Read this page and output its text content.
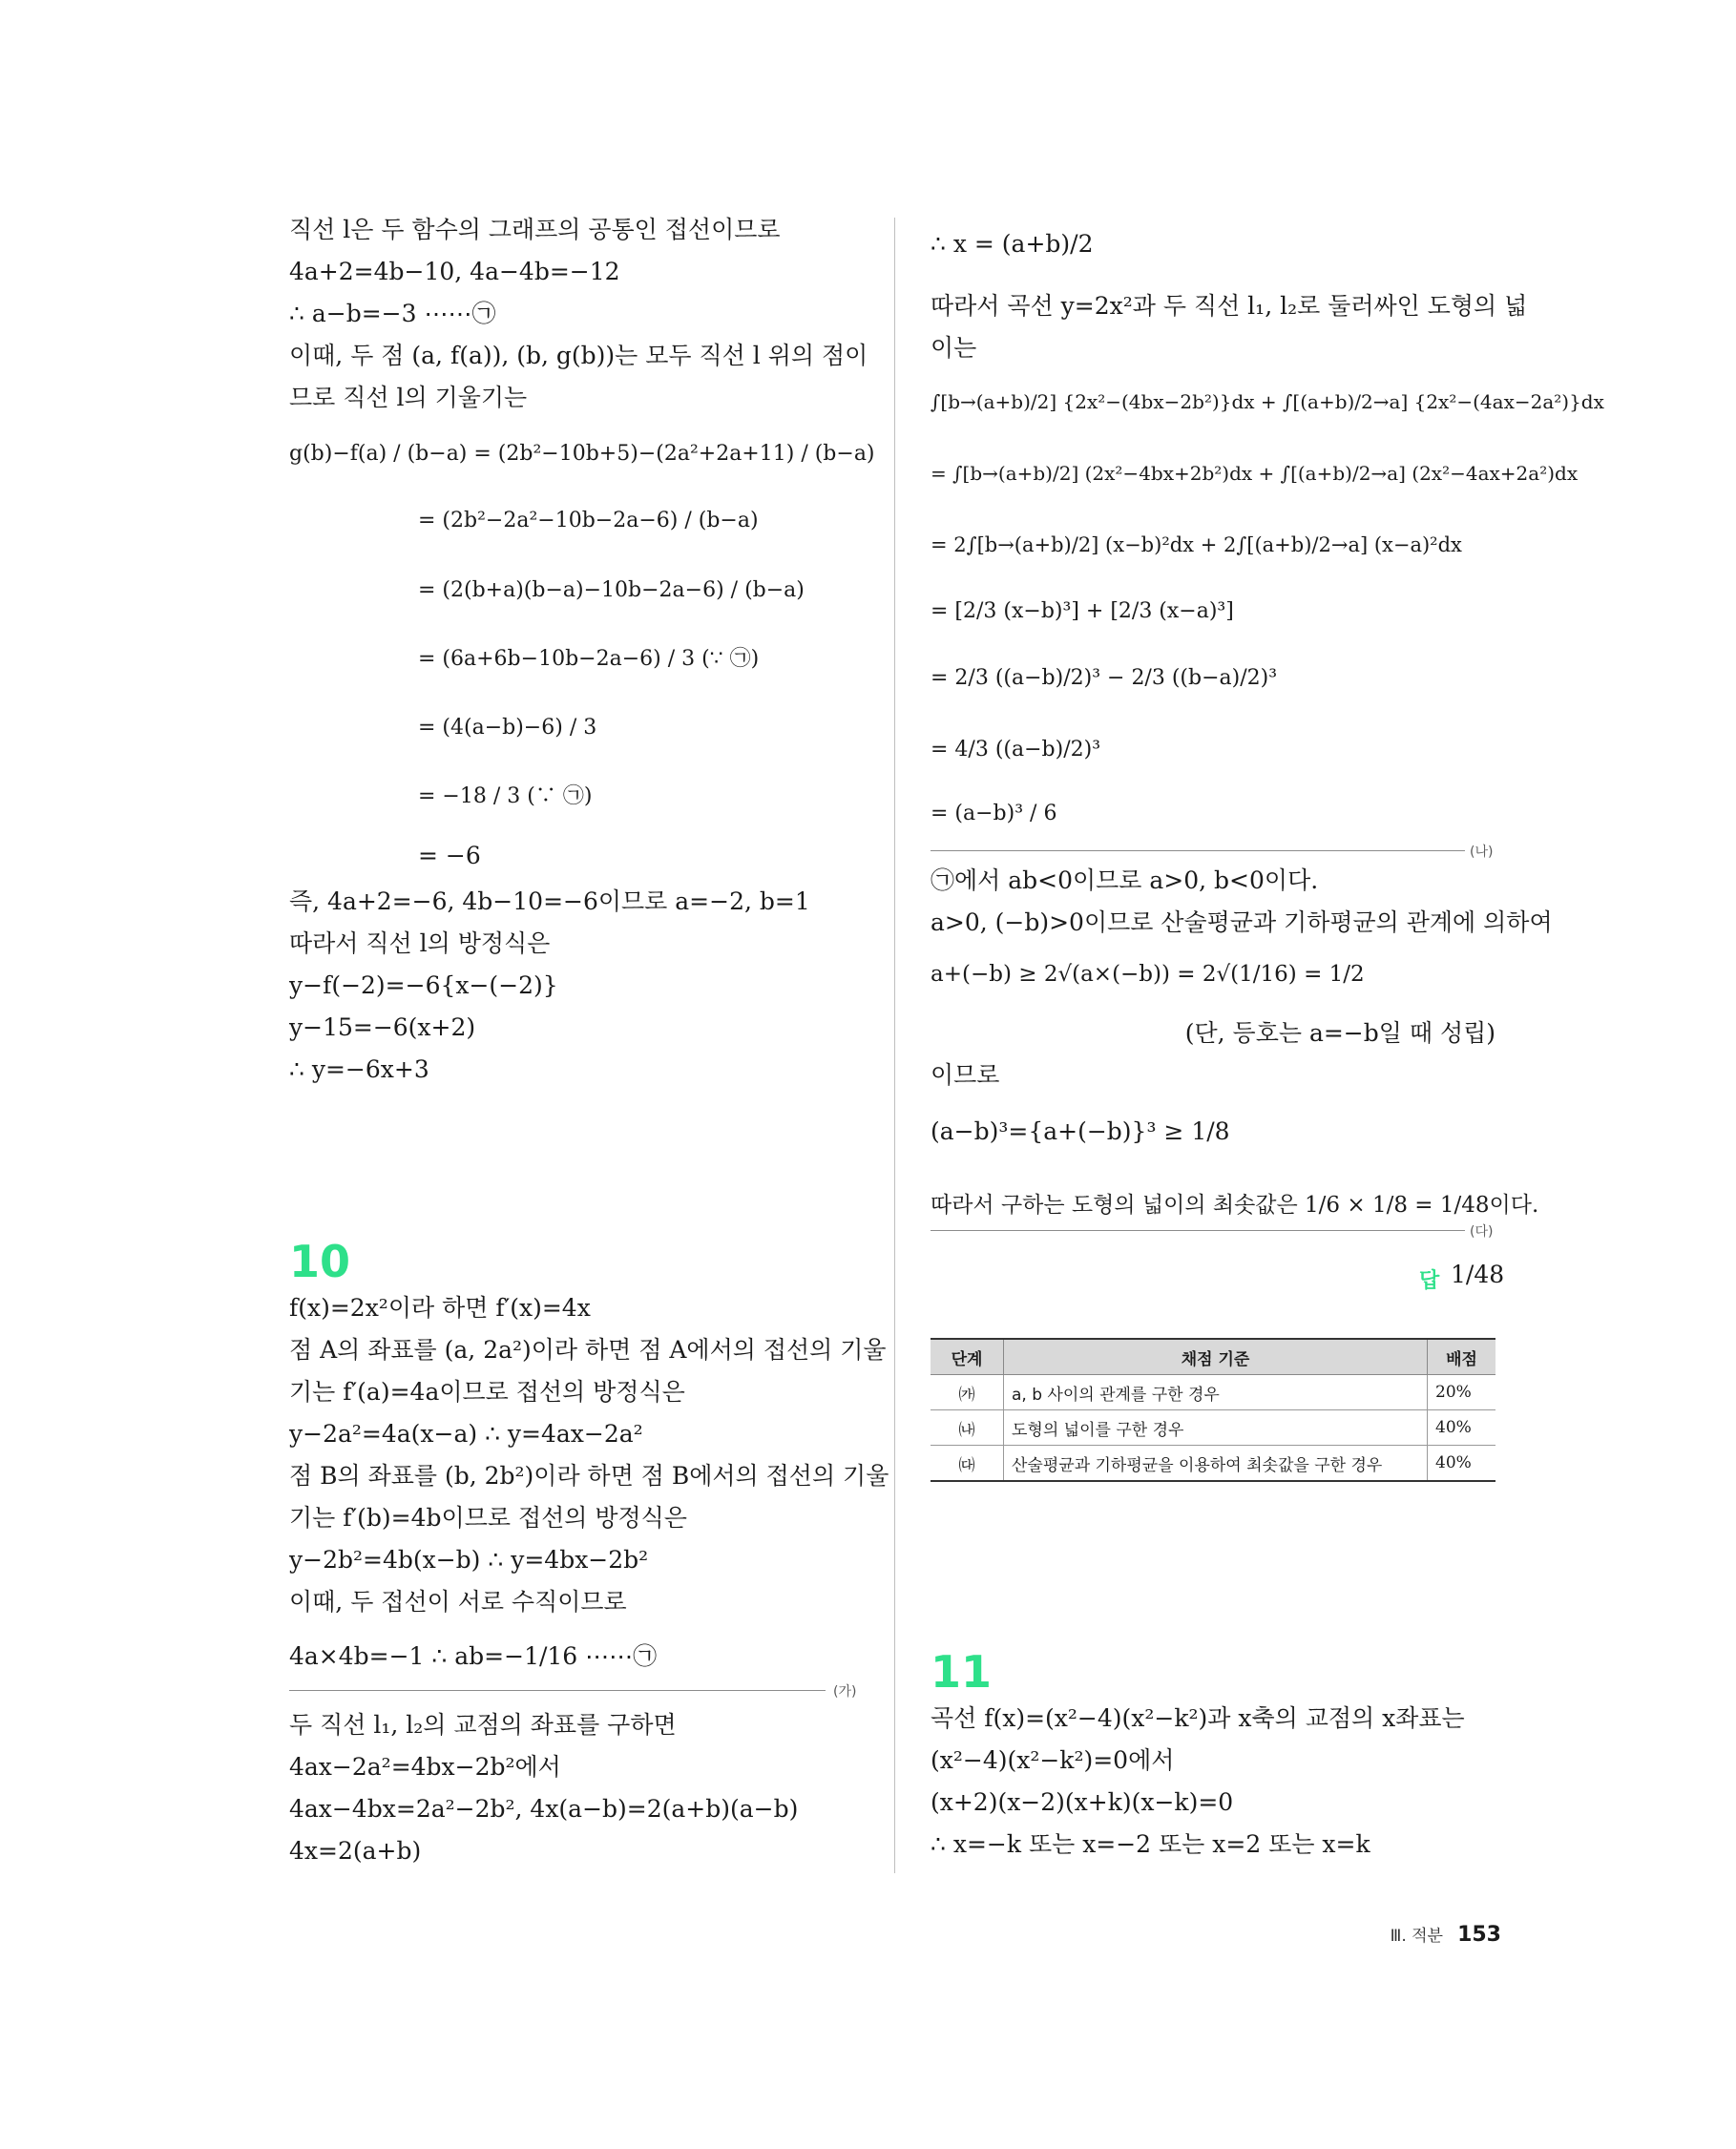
직선 l은 두 함수의 그래프의 공통인 접선이므로
4a+2=4b−10, 4a−4b=−12
∴ a−b=−3 ⋯⋯㉠
이때, 두 점 (a, f(a)), (b, g(b))는 모두 직선 l 위의 점이
므로 직선 l의 기울기는
g(b)−f(a) / (b−a) = (2b²−10b+5)−(2a²+2a+11) / (b−a)
= (2b²−2a²−10b−2a−6) / (b−a)
= (2(b+a)(b−a)−10b−2a−6) / (b−a)
= (6a+6b−10b−2a−6) / 3 (∵ ㉠)
= (4(a−b)−6) / 3
= −18 / 3 (∵ ㉠)
= −6
즉, 4a+2=−6, 4b−10=−6이므로 a=−2, b=1
따라서 직선 l의 방정식은
y−f(−2)=−6{x−(−2)}
y−15=−6(x+2)
∴ y=−6x+3
10
f(x)=2x²이라 하면 f′(x)=4x
점 A의 좌표를 (a, 2a²)이라 하면 점 A에서의 접선의 기울
기는 f′(a)=4a이므로 접선의 방정식은
y−2a²=4a(x−a) ∴ y=4ax−2a²
점 B의 좌표를 (b, 2b²)이라 하면 점 B에서의 접선의 기울
기는 f′(b)=4b이므로 접선의 방정식은
y−2b²=4b(x−b) ∴ y=4bx−2b²
이때, 두 접선이 서로 수직이므로
4a×4b=−1 ∴ ab=−1/16 ⋯⋯㉠
(가)
두 직선 l₁, l₂의 교점의 좌표를 구하면
4ax−2a²=4bx−2b²에서
4ax−4bx=2a²−2b², 4x(a−b)=2(a+b)(a−b)
4x=2(a+b)
∴ x = (a+b)/2
따라서 곡선 y=2x²과 두 직선 l₁, l₂로 둘러싸인 도형의 넓
이는
∫[b→(a+b)/2] {2x²−(4bx−2b²)}dx + ∫[(a+b)/2→a] {2x²−(4ax−2a²)}dx
= ∫[b→(a+b)/2] (2x²−4bx+2b²)dx + ∫[(a+b)/2→a] (2x²−4ax+2a²)dx
= 2∫[b→(a+b)/2] (x−b)²dx + 2∫[(a+b)/2→a] (x−a)²dx
= [2/3 (x−b)³] + [2/3 (x−a)³]
= 2/3 ((a−b)/2)³ − 2/3 ((b−a)/2)³
= 4/3 ((a−b)/2)³
= (a−b)³ / 6
(나)
㉠에서 ab<0이므로 a>0, b<0이다.
a>0, (−b)>0이므로 산술평균과 기하평균의 관계에 의하여
a+(−b) ≥ 2√(a×(−b)) = 2√(1/16) = 1/2
(단, 등호는 a=−b일 때 성립)
이므로
(a−b)³={a+(−b)}³ ≥ 1/8
따라서 구하는 도형의 넓이의 최솟값은 1/6 × 1/8 = 1/48이다.
(다)
답 1/48
11
곡선 f(x)=(x²−4)(x²−k²)과 x축의 교점의 x좌표는
(x²−4)(x²−k²)=0에서
(x+2)(x−2)(x+k)(x−k)=0
∴ x=−k 또는 x=−2 또는 x=2 또는 x=k
단계	채점 기준	배점
㈎	a, b 사이의 관계를 구한 경우	20%
㈏	도형의 넓이를 구한 경우	40%
㈐	산술평균과 기하평균을 이용하여 최솟값을 구한 경우	40%
Ⅲ. 적분 153
